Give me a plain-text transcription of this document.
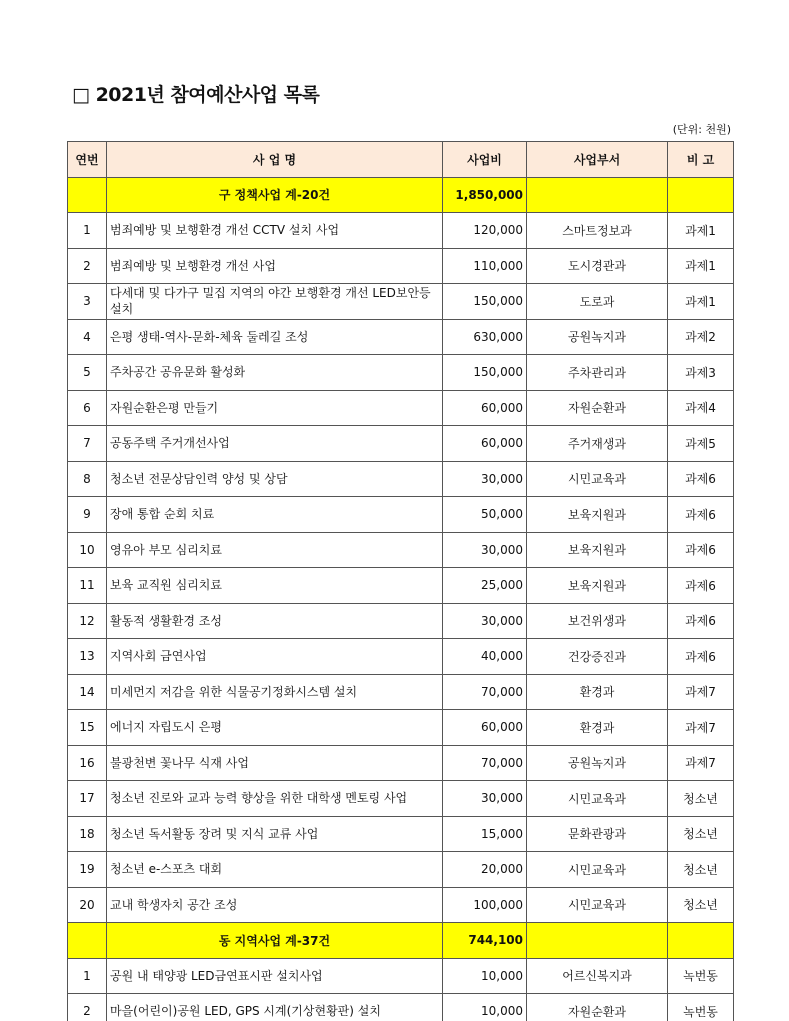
□ 2021년 참여예산사업 목록
(단위: 천원)
연번	사 업 명	사업비	사업부서	비 고
	구 정책사업 계-20건	1,850,000		
1	범죄예방 및 보행환경 개선 CCTV 설치 사업	120,000	스마트정보과	과제1
2	범죄예방 및 보행환경 개선 사업	110,000	도시경관과	과제1
3	다세대 및 다가구 밀집 지역의 야간 보행환경 개선 LED보안등 설치	150,000	도로과	과제1
4	은평 생태-역사-문화-체육 둘레길 조성	630,000	공원녹지과	과제2
5	주차공간 공유문화 활성화	150,000	주차관리과	과제3
6	자원순환은평 만들기	60,000	자원순환과	과제4
7	공동주택 주거개선사업	60,000	주거재생과	과제5
8	청소년 전문상담인력 양성 및 상담	30,000	시민교육과	과제6
9	장애 통합 순회 치료	50,000	보육지원과	과제6
10	영유아 부모 심리치료	30,000	보육지원과	과제6
11	보육 교직원 심리치료	25,000	보육지원과	과제6
12	활동적 생활환경 조성	30,000	보건위생과	과제6
13	지역사회 금연사업	40,000	건강증진과	과제6
14	미세먼지 저감을 위한 식물공기정화시스템 설치	70,000	환경과	과제7
15	에너지 자립도시 은평	60,000	환경과	과제7
16	불광천변 꽃나무 식재 사업	70,000	공원녹지과	과제7
17	청소년 진로와 교과 능력 향상을 위한 대학생 멘토링 사업	30,000	시민교육과	청소년
18	청소년 독서활동 장려 및 지식 교류 사업	15,000	문화관광과	청소년
19	청소년 e-스포츠 대회	20,000	시민교육과	청소년
20	교내 학생자치 공간 조성	100,000	시민교육과	청소년
	동 지역사업 계-37건	744,100		
1	공원 내 태양광 LED금연표시판 설치사업	10,000	어르신복지과	녹번동
2	마을(어린이)공원 LED, GPS 시계(기상현황판) 설치	10,000	자원순환과	녹번동
